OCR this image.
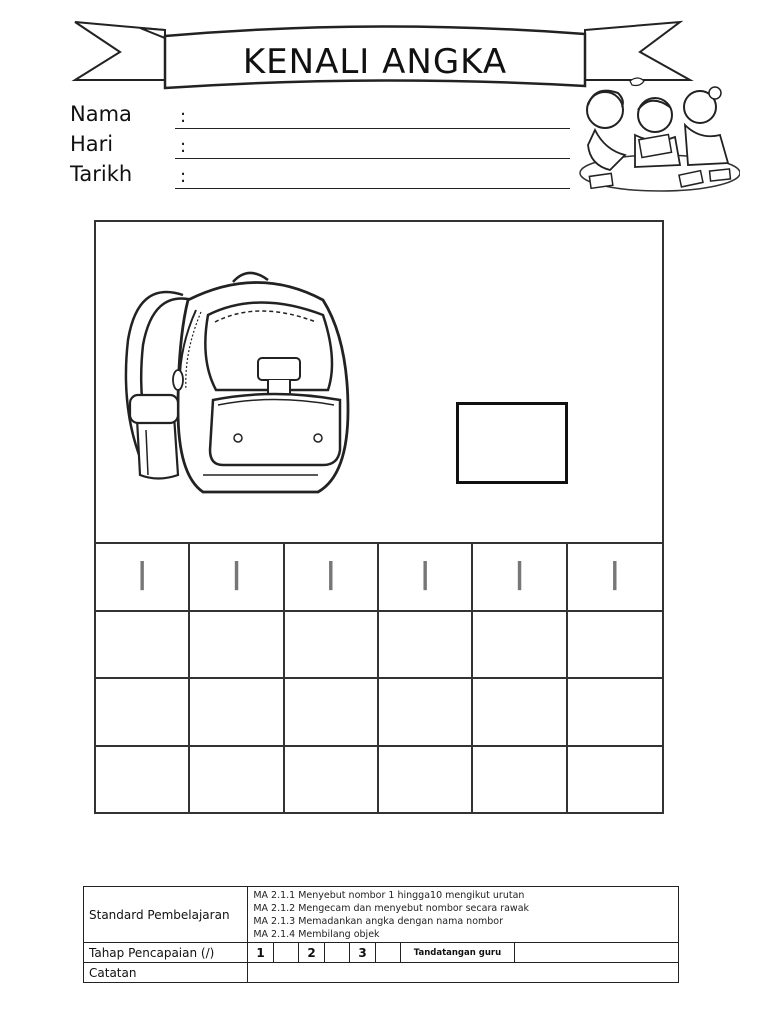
KENALI ANGKA
Nama	:
Hari	:
Tarikh	:
l l l l l l
Standard Pembelajaran	MA 2.1.1 Menyebut nombor 1 hingga10 mengikut urutan
MA 2.1.2 Mengecam dan menyebut nombor secara rawak
MA 2.1.3 Memadankan angka dengan nama nombor
MA 2.1.4 Membilang objek							

Tahap Pencapaian (/)	1		2		3		Tandatangan guru	
Catatan								
